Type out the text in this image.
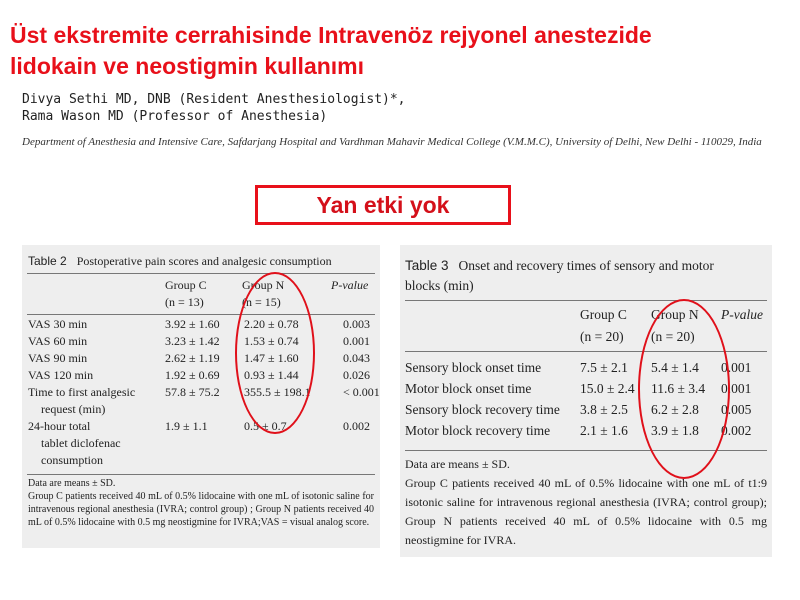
Üst ekstremite cerrahisinde Intravenöz rejyonel anestezide
lidokain ve neostigmin kullanımı
Divya Sethi MD, DNB (Resident Anesthesiologist)*,
Rama Wason MD (Professor of Anesthesia)
Department of Anesthesia and Intensive Care, Safdarjang Hospital and Vardhman Mahavir Medical College (V.M.M.C), University of Delhi, New Delhi - 110029, India
Yan etki yok
Table 2 Postoperative pain scores and analgesic consumption
Group C
(n = 13)
Group N
(n = 15)
P-value
VAS 30 min	3.92 ± 1.60 2.20 ± 0.78	0.003
VAS 60 min	3.23 ± 1.42 1.53 ± 0.74	0.001
VAS 90 min	2.62 ± 1.19 1.47 ± 1.60	0.043
VAS 120 min	1.92 ± 0.69 0.93 ± 1.44	0.026
Time to first analgesic 57.8 ± 75.2 355.5 ± 198.1	< 0.001
request (min)
24-hour total	1.9 ± 1.1	0.5 ± 0.7	0.002
tablet diclofenac
consumption
Data are means ± SD.
Group C patients received 40 mL of 0.5% lidocaine with one mL of isotonic saline for intravenous regional anesthesia (IVRA; control group) ; Group N patients received 40 mL of 0.5% lidocaine with 0.5 mg neostigmine for IVRA;VAS = visual analog score.
Table 3 Onset and recovery times of sensory and motor
blocks (min)
Group C
(n = 20)
Group N
(n = 20)
P-value
Sensory block onset time	7.5 ± 2.1 5.4 ± 1.4 0.001
Motor block onset time	15.0 ± 2.4 11.6 ± 3.4 0.001
Sensory block recovery time 3.8 ± 2.5 6.2 ± 2.8 0.005
Motor block recovery time 2.1 ± 1.6 3.9 ± 1.8 0.002
Data are means ± SD.
Group C patients received 40 mL of 0.5% lidocaine with one mL of t1:9 isotonic saline for intravenous regional anesthesia (IVRA; control group); Group N patients received 40 mL of 0.5% lidocaine with 0.5 mg neostigmine for IVRA.
